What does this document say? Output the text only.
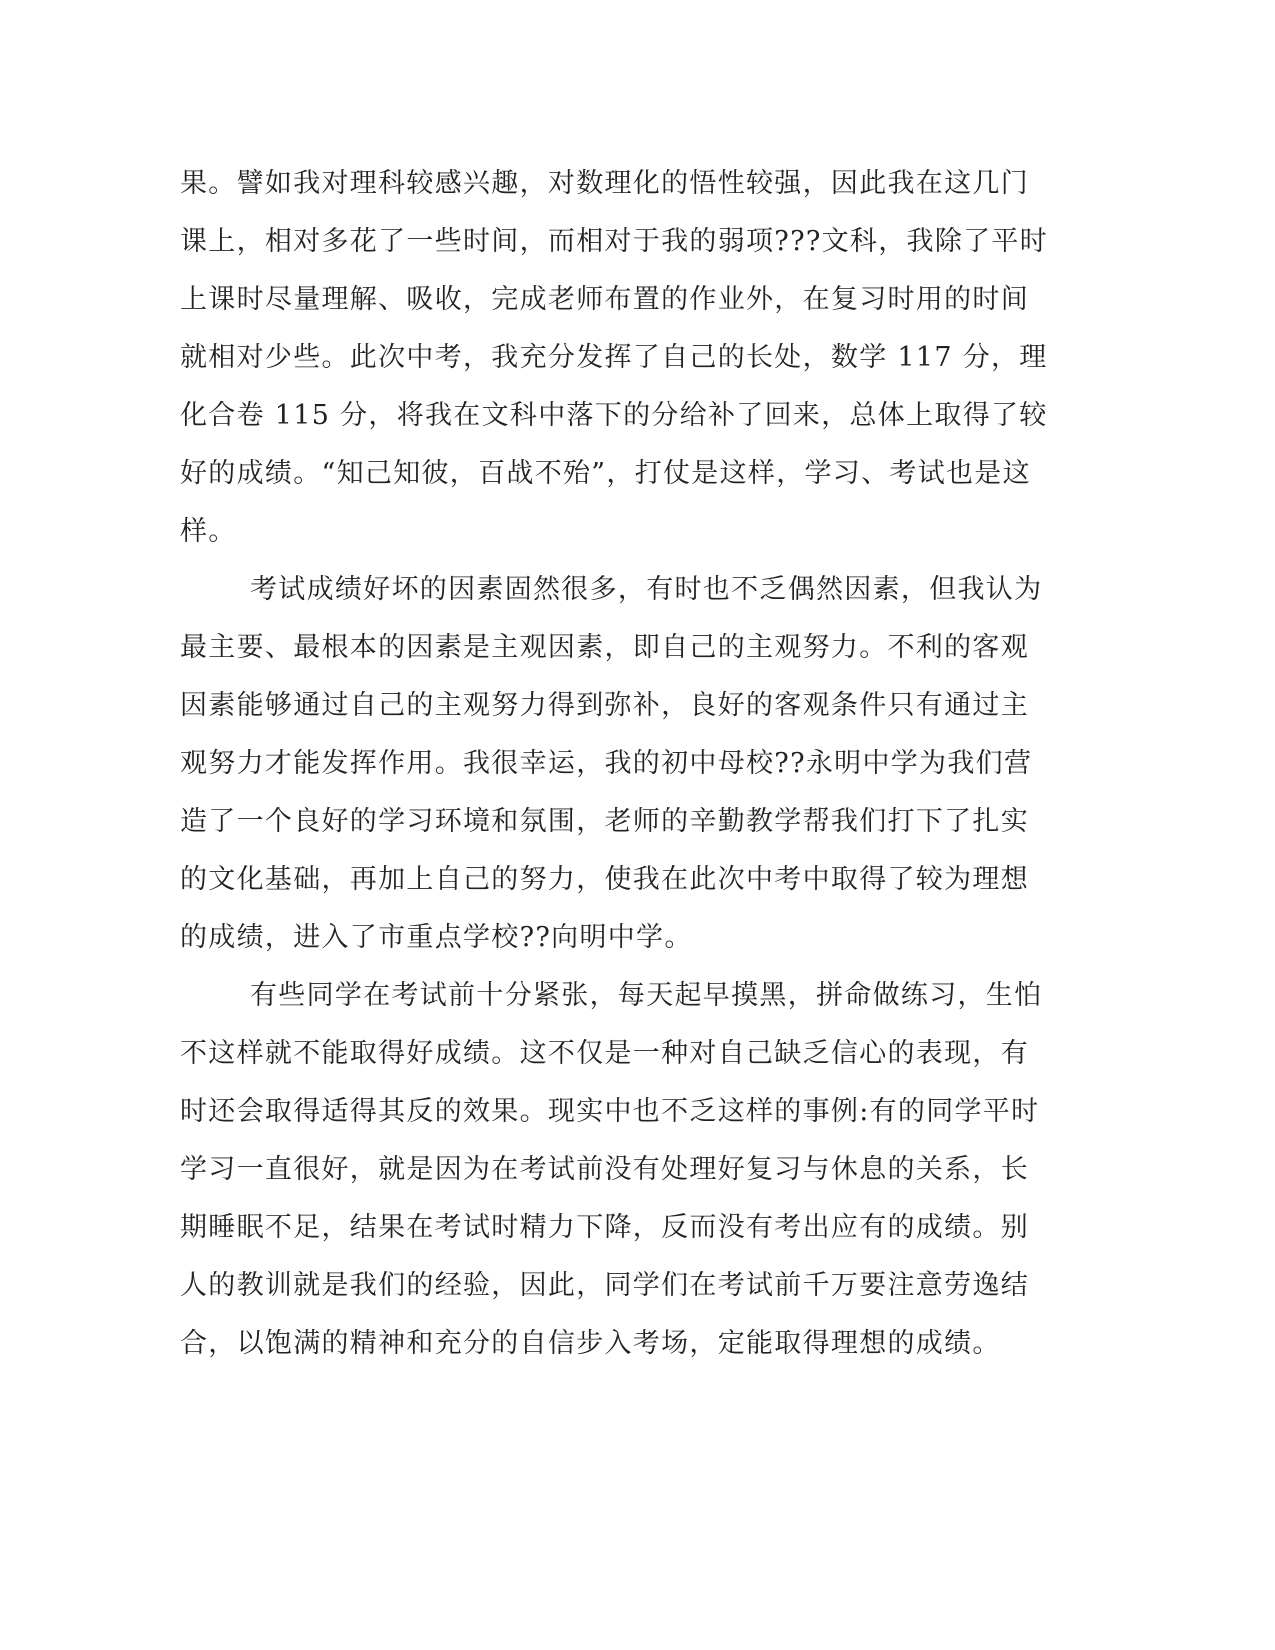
果。譬如我对理科较感兴趣，对数理化的悟性较强，因此我在这几门
课上，相对多花了一些时间，而相对于我的弱项???文科，我除了平时
上课时尽量理解、吸收，完成老师布置的作业外，在复习时用的时间
就相对少些。此次中考，我充分发挥了自己的长处，数学 117 分，理
化合卷 115 分，将我在文科中落下的分给补了回来，总体上取得了较
好的成绩。“知己知彼，百战不殆”，打仗是这样，学习、考试也是这
样。
考试成绩好坏的因素固然很多，有时也不乏偶然因素，但我认为
最主要、最根本的因素是主观因素，即自己的主观努力。不利的客观
因素能够通过自己的主观努力得到弥补，良好的客观条件只有通过主
观努力才能发挥作用。我很幸运，我的初中母校??永明中学为我们营
造了一个良好的学习环境和氛围，老师的辛勤教学帮我们打下了扎实
的文化基础，再加上自己的努力，使我在此次中考中取得了较为理想
的成绩，进入了市重点学校??向明中学。
有些同学在考试前十分紧张，每天起早摸黑，拼命做练习，生怕
不这样就不能取得好成绩。这不仅是一种对自己缺乏信心的表现，有
时还会取得适得其反的效果。现实中也不乏这样的事例:有的同学平时
学习一直很好，就是因为在考试前没有处理好复习与休息的关系，长
期睡眠不足，结果在考试时精力下降，反而没有考出应有的成绩。别
人的教训就是我们的经验，因此，同学们在考试前千万要注意劳逸结
合，以饱满的精神和充分的自信步入考场，定能取得理想的成绩。
